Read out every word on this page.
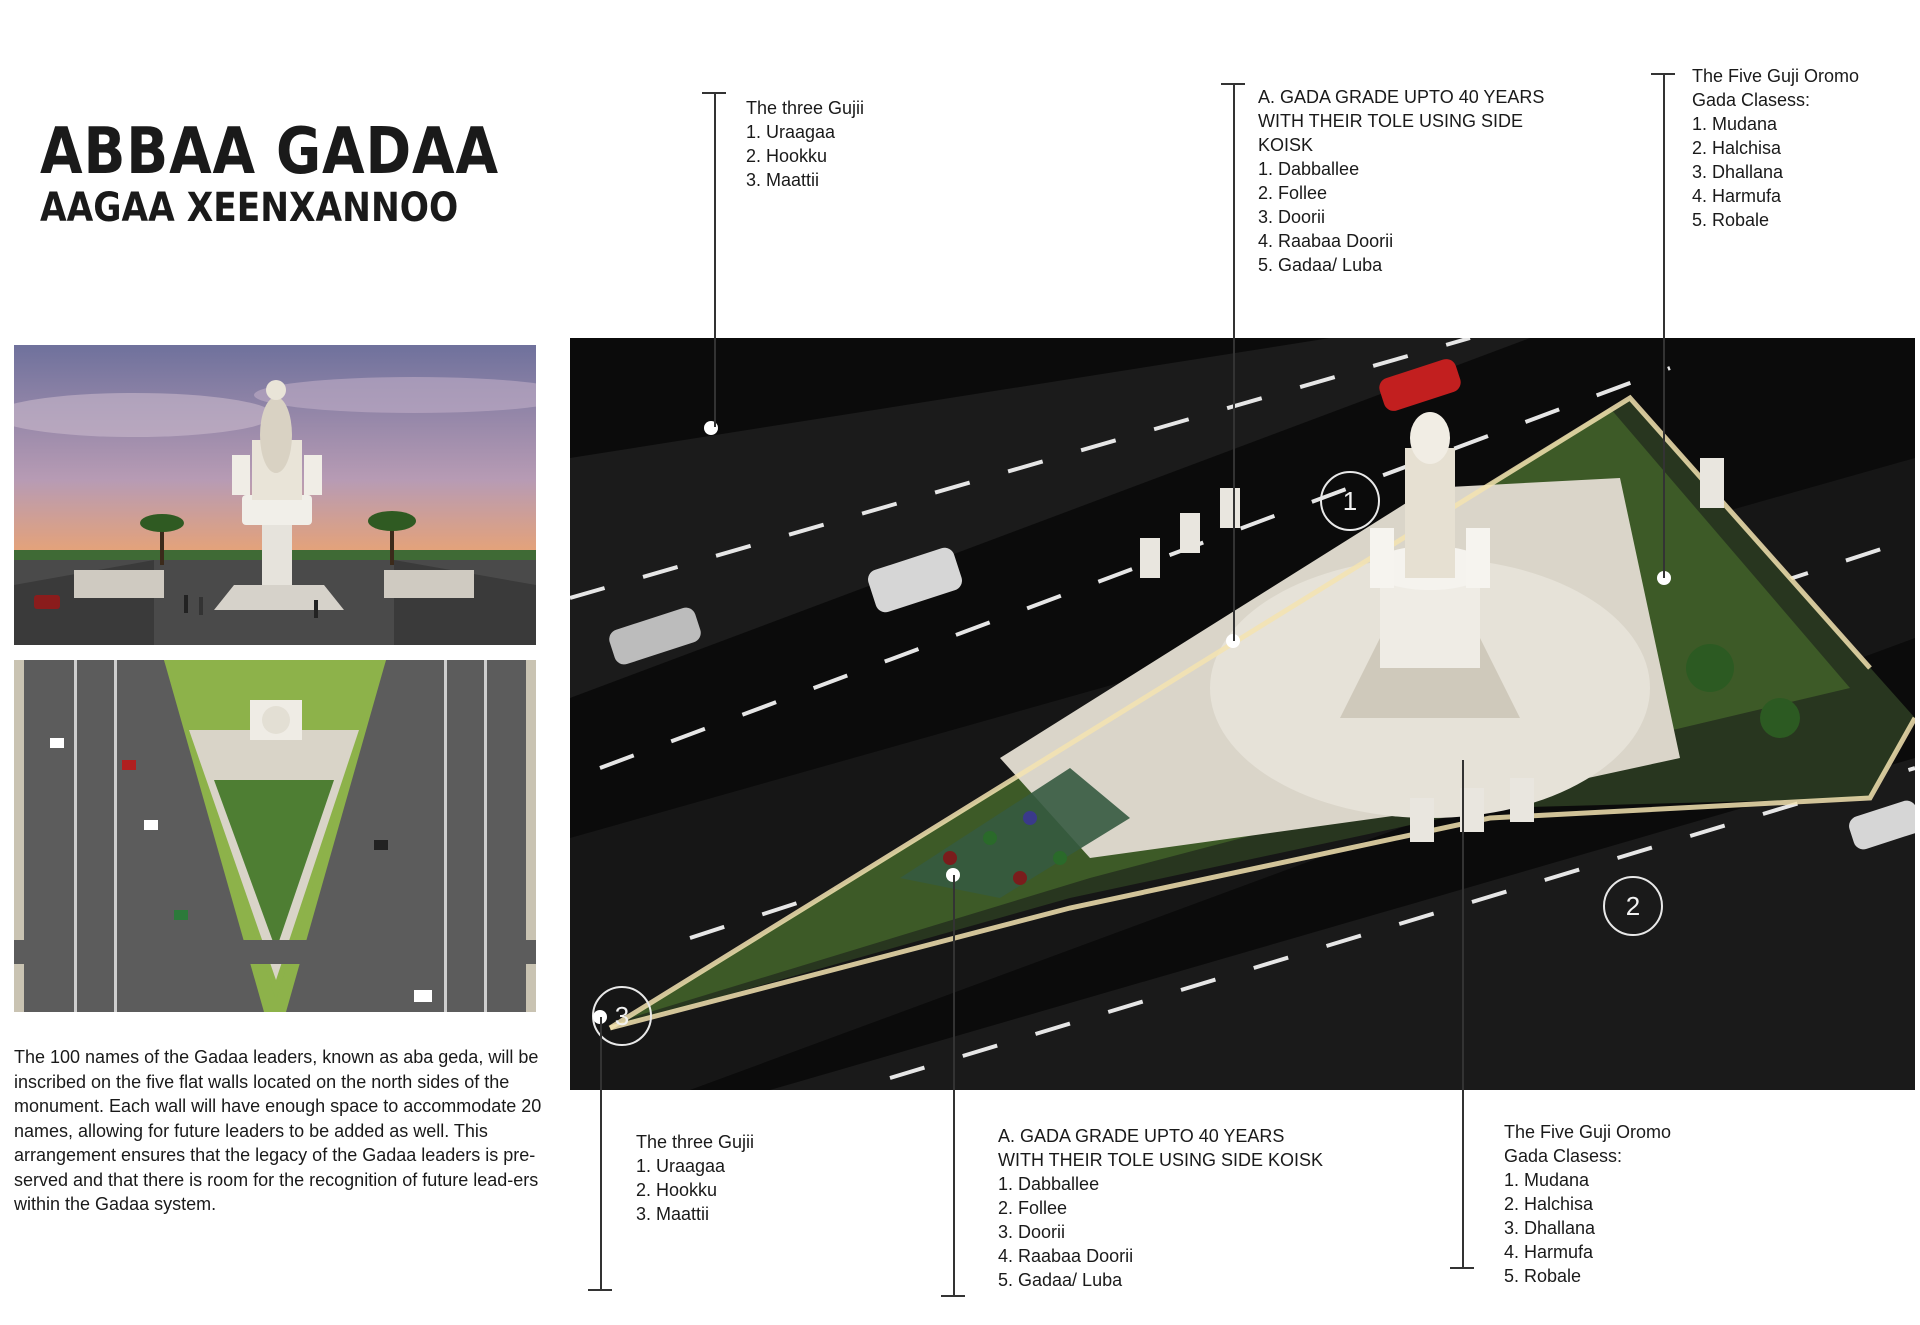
ABBAA GADAA
AAGAA XEENXANNOO
The 100 names of the Gadaa leaders, known as aba geda, will be inscribed on the five flat walls located on the north sides of the monument. Each wall will have enough space to accommodate 20 names, allowing for future leaders to be added as well. This arrangement ensures that the legacy of the Gadaa leaders is pre-served and that there is room for the recognition of future lead-ers within the Gadaa system.
1
2
3
The three Gujii
1. Uraagaa
2. Hookku
3. Maattii
A. GADA GRADE UPTO 40 YEARS
WITH THEIR TOLE USING SIDE
KOISK
1. Dabballee
2. Follee
3. Doorii
4. Raabaa Doorii
5. Gadaa/ Luba
The Five Guji Oromo
Gada Clasess:
1. Mudana
2. Halchisa
3. Dhallana
4. Harmufa
5. Robale
The three Gujii
1. Uraagaa
2. Hookku
3. Maattii
A. GADA GRADE UPTO 40 YEARS
WITH THEIR TOLE USING SIDE KOISK
1. Dabballee
2. Follee
3. Doorii
4. Raabaa Doorii
5. Gadaa/ Luba
The Five Guji Oromo
Gada Clasess:
1. Mudana
2. Halchisa
3. Dhallana
4. Harmufa
5. Robale
